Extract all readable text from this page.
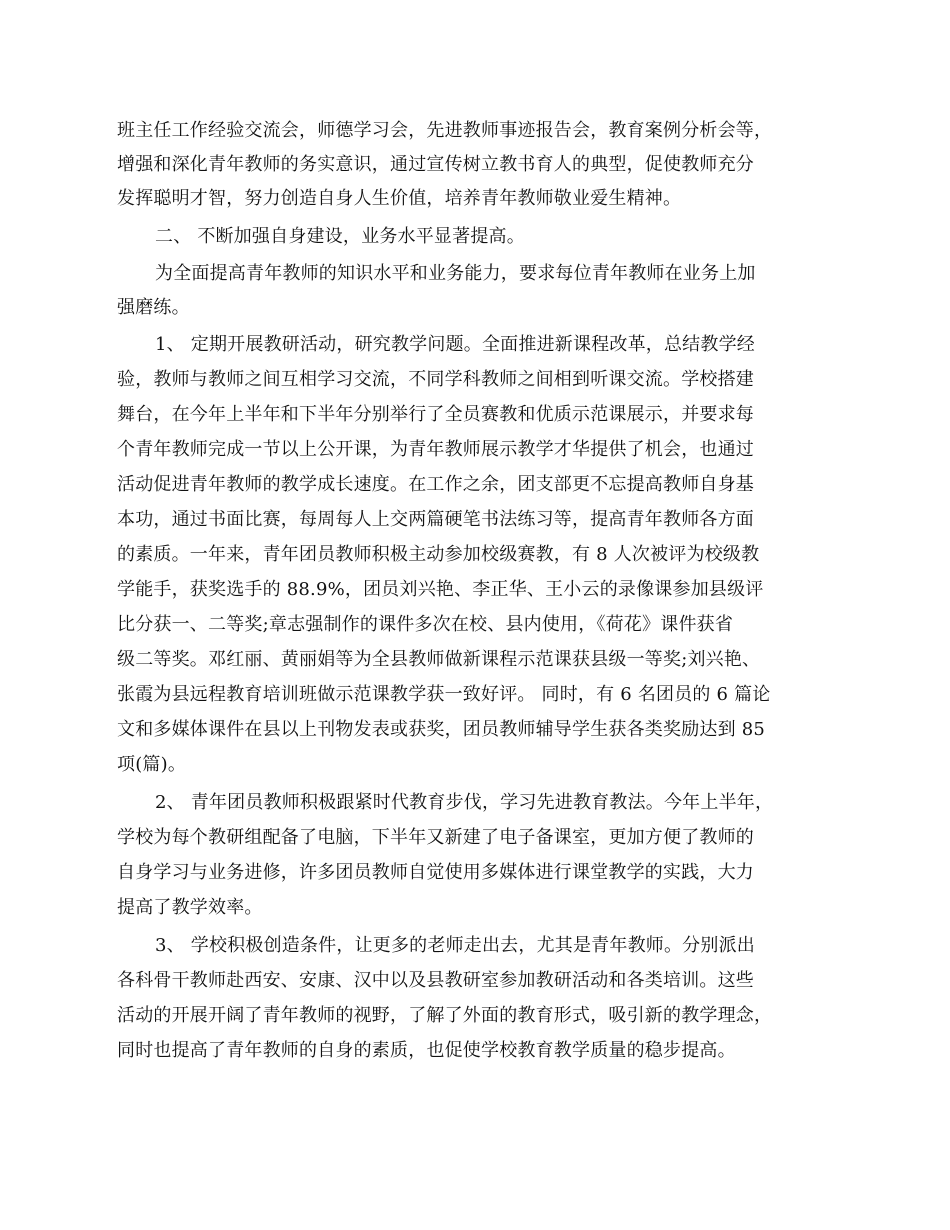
班主任工作经验交流会，师德学习会，先进教师事迹报告会，教育案例分析会等，
增强和深化青年教师的务实意识，通过宣传树立教书育人的典型，促使教师充分
发挥聪明才智，努力创造自身人生价值，培养青年教师敬业爱生精神。
二、 不断加强自身建设，业务水平显著提高。
为全面提高青年教师的知识水平和业务能力，要求每位青年教师在业务上加
强磨练。
1、 定期开展教研活动，研究教学问题。全面推进新课程改革，总结教学经
验，教师与教师之间互相学习交流，不同学科教师之间相到听课交流。学校搭建
舞台，在今年上半年和下半年分别举行了全员赛教和优质示范课展示，并要求每
个青年教师完成一节以上公开课，为青年教师展示教学才华提供了机会，也通过
活动促进青年教师的教学成长速度。在工作之余，团支部更不忘提高教师自身基
本功，通过书面比赛，每周每人上交两篇硬笔书法练习等，提高青年教师各方面
的素质。一年来，青年团员教师积极主动参加校级赛教，有 8 人次被评为校级教
学能手，获奖选手的 88.9%，团员刘兴艳、李正华、王小云的录像课参加县级评
比分获一、二等奖;章志强制作的课件多次在校、县内使用，《荷花》课件获省
级二等奖。邓红丽、黄丽娟等为全县教师做新课程示范课获县级一等奖;刘兴艳、
张霞为县远程教育培训班做示范课教学获一致好评。 同时，有 6 名团员的 6 篇论
文和多媒体课件在县以上刊物发表或获奖，团员教师辅导学生获各类奖励达到 85
项(篇)。
2、 青年团员教师积极跟紧时代教育步伐，学习先进教育教法。今年上半年，
学校为每个教研组配备了电脑，下半年又新建了电子备课室，更加方便了教师的
自身学习与业务进修，许多团员教师自觉使用多媒体进行课堂教学的实践，大力
提高了教学效率。
3、 学校积极创造条件，让更多的老师走出去，尤其是青年教师。分别派出
各科骨干教师赴西安、安康、汉中以及县教研室参加教研活动和各类培训。这些
活动的开展开阔了青年教师的视野，了解了外面的教育形式，吸引新的教学理念，
同时也提高了青年教师的自身的素质，也促使学校教育教学质量的稳步提高。
